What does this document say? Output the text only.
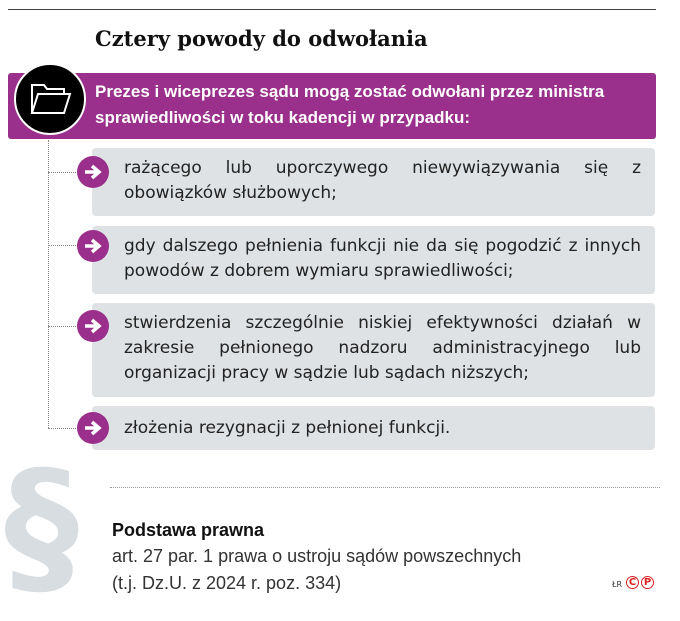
Cztery powody do odwołania
Prezes i wiceprezes sądu mogą zostać odwołani przez ministra sprawiedliwości w toku kadencji w przypadku:
rażącego lub uporczywego niewywiązywania się z obowiązków służbowych;
gdy dalszego pełnienia funkcji nie da się pogodzić z innych powodów z dobrem wymiaru sprawiedliwości;
stwierdzenia szczególnie niskiej efektywności działań w zakresie pełnionego nadzoru administracyjnego lub organizacji pracy w sądzie lub sądach niższych;
złożenia rezygnacji z pełnionej funkcji.
§ Podstawa prawna
art. 27 par. 1 prawa o ustroju sądów powszechnych
(t.j. Dz.U. z 2024 r. poz. 334)	ŁR C P
